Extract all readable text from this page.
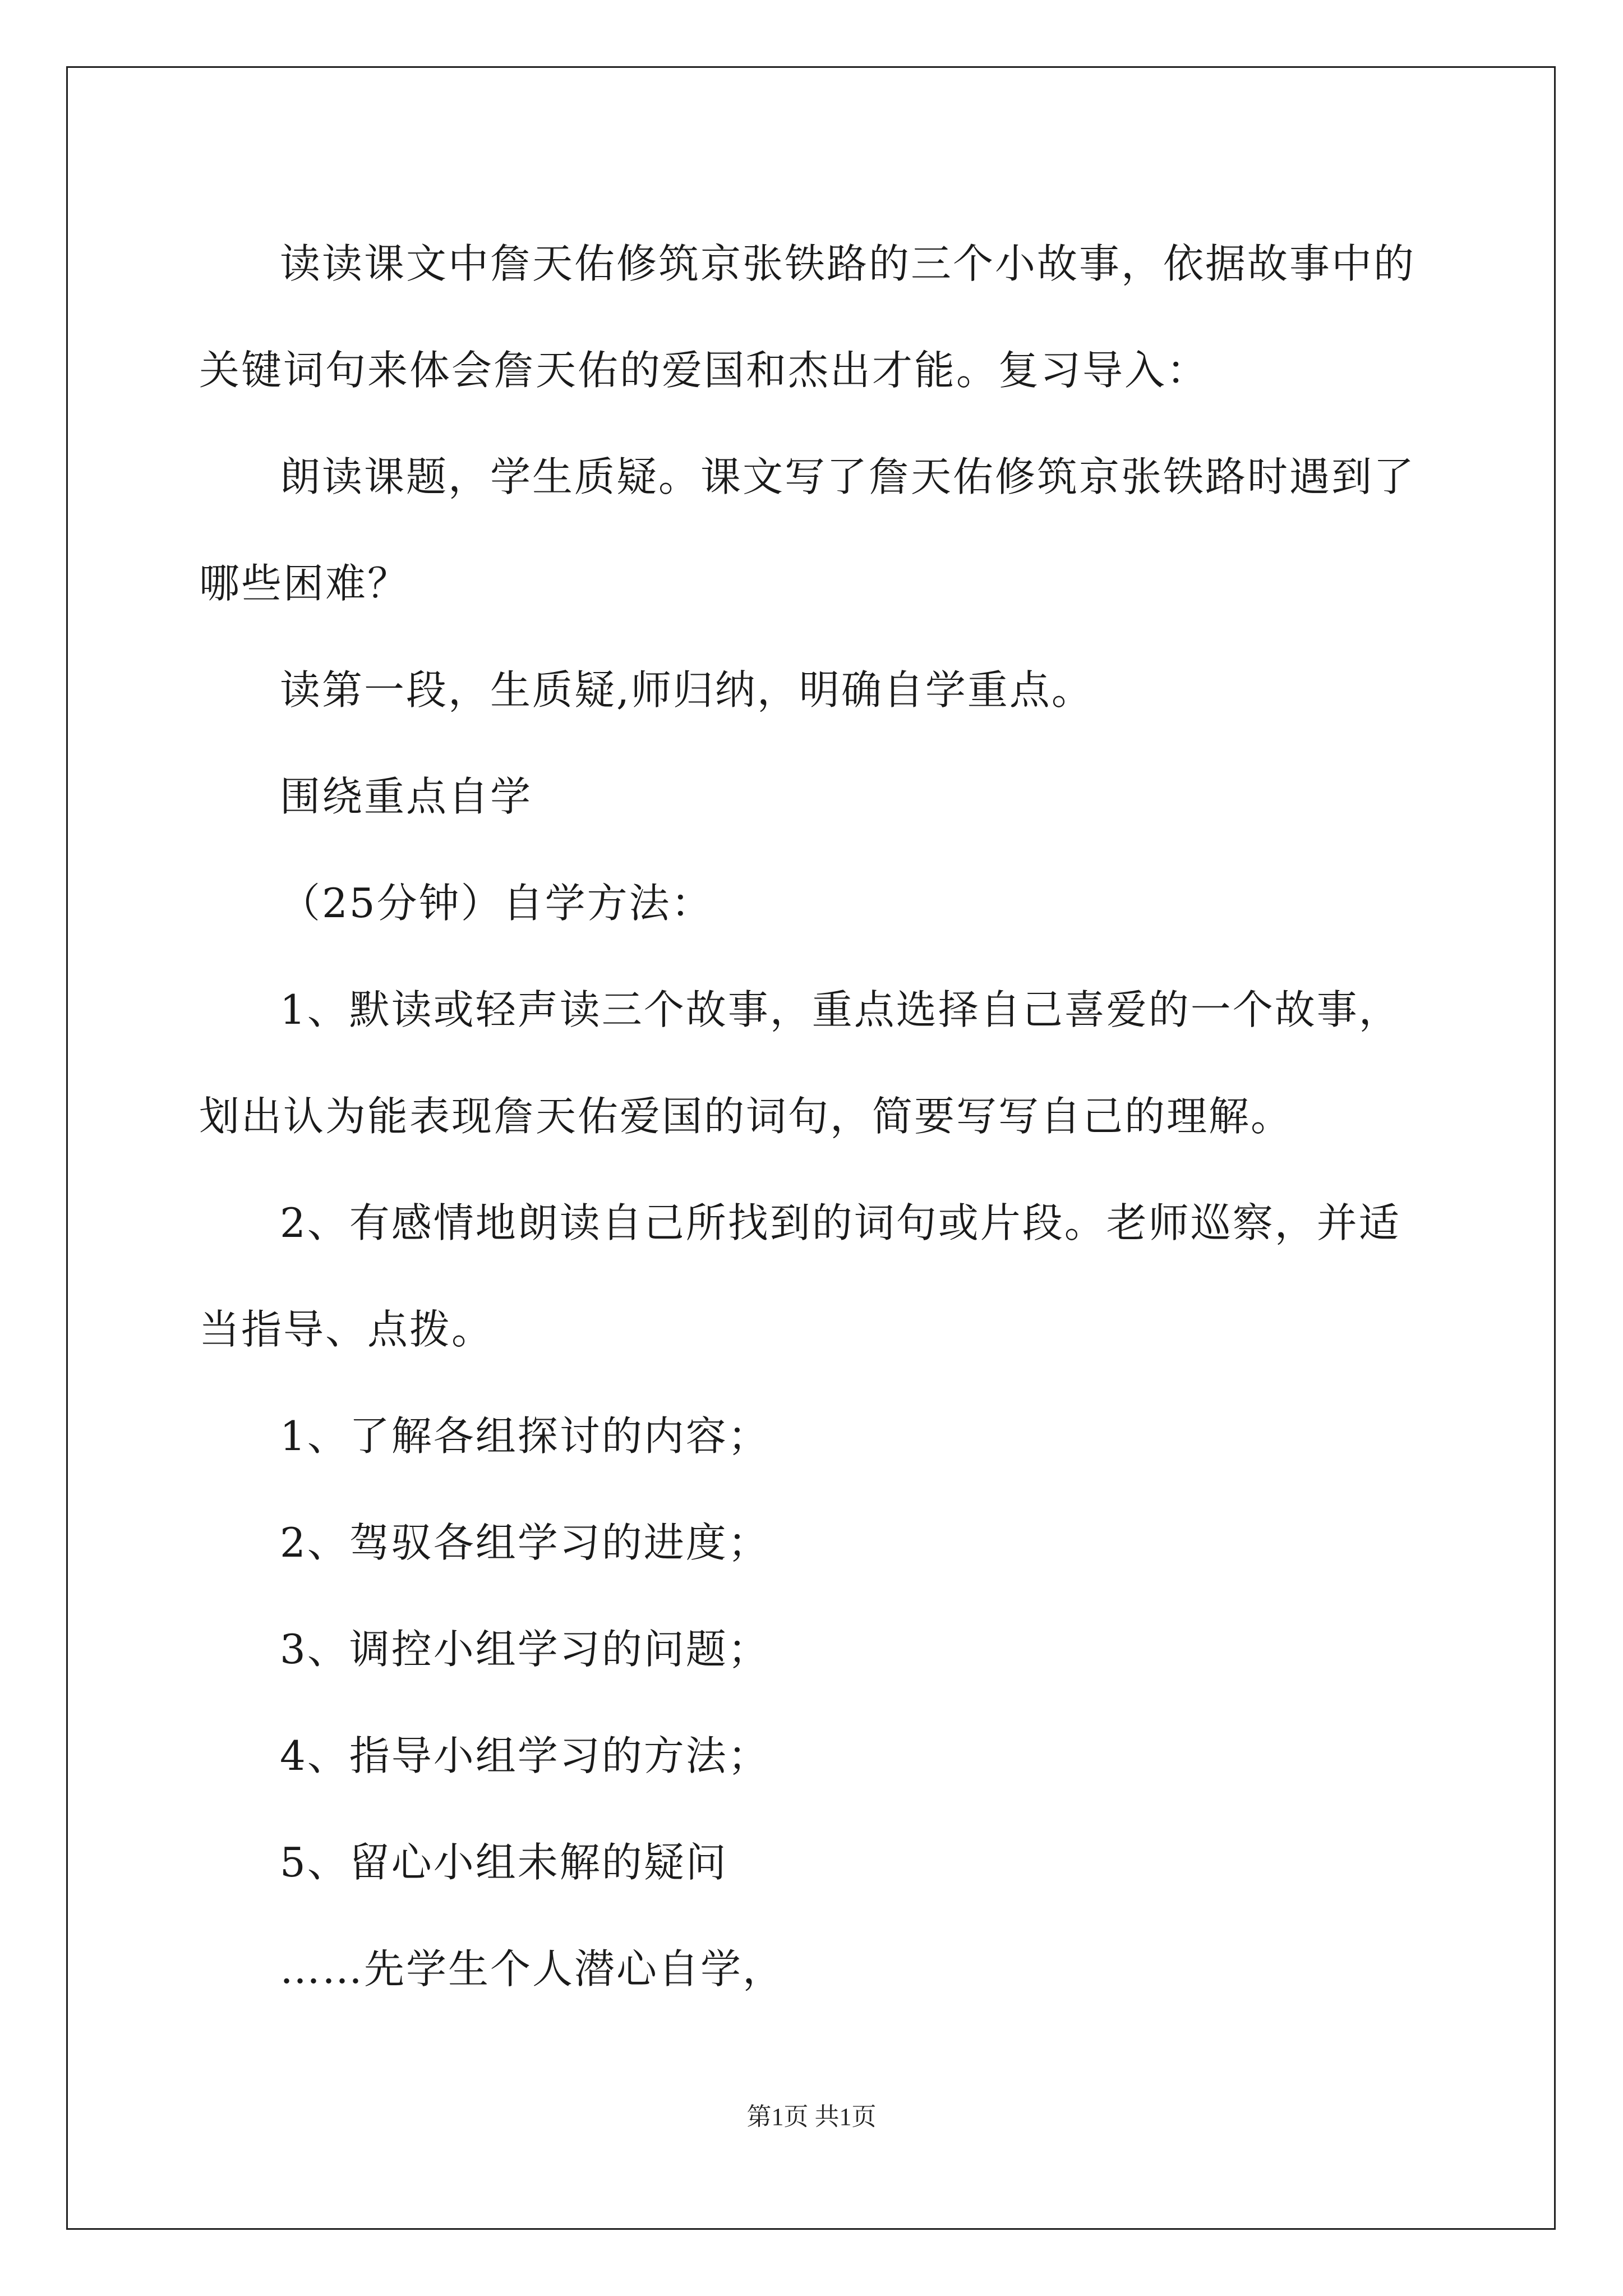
读读课文中詹天佑修筑京张铁路的三个小故事，依据故事中的关键词句来体会詹天佑的爱国和杰出才能。复习导入：

朗读课题，学生质疑。课文写了詹天佑修筑京张铁路时遇到了哪些困难？

读第一段，生质疑,师归纳，明确自学重点。

围绕重点自学

（25分钟）自学方法：

1、默读或轻声读三个故事，重点选择自己喜爱的一个故事，划出认为能表现詹天佑爱国的词句，简要写写自己的理解。

2、有感情地朗读自己所找到的词句或片段。老师巡察，并适当指导、点拨。

1、了解各组探讨的内容；

2、驾驭各组学习的进度；

3、调控小组学习的问题；

4、指导小组学习的方法；

5、留心小组未解的疑问

……先学生个人潜心自学，

第1页 共1页
